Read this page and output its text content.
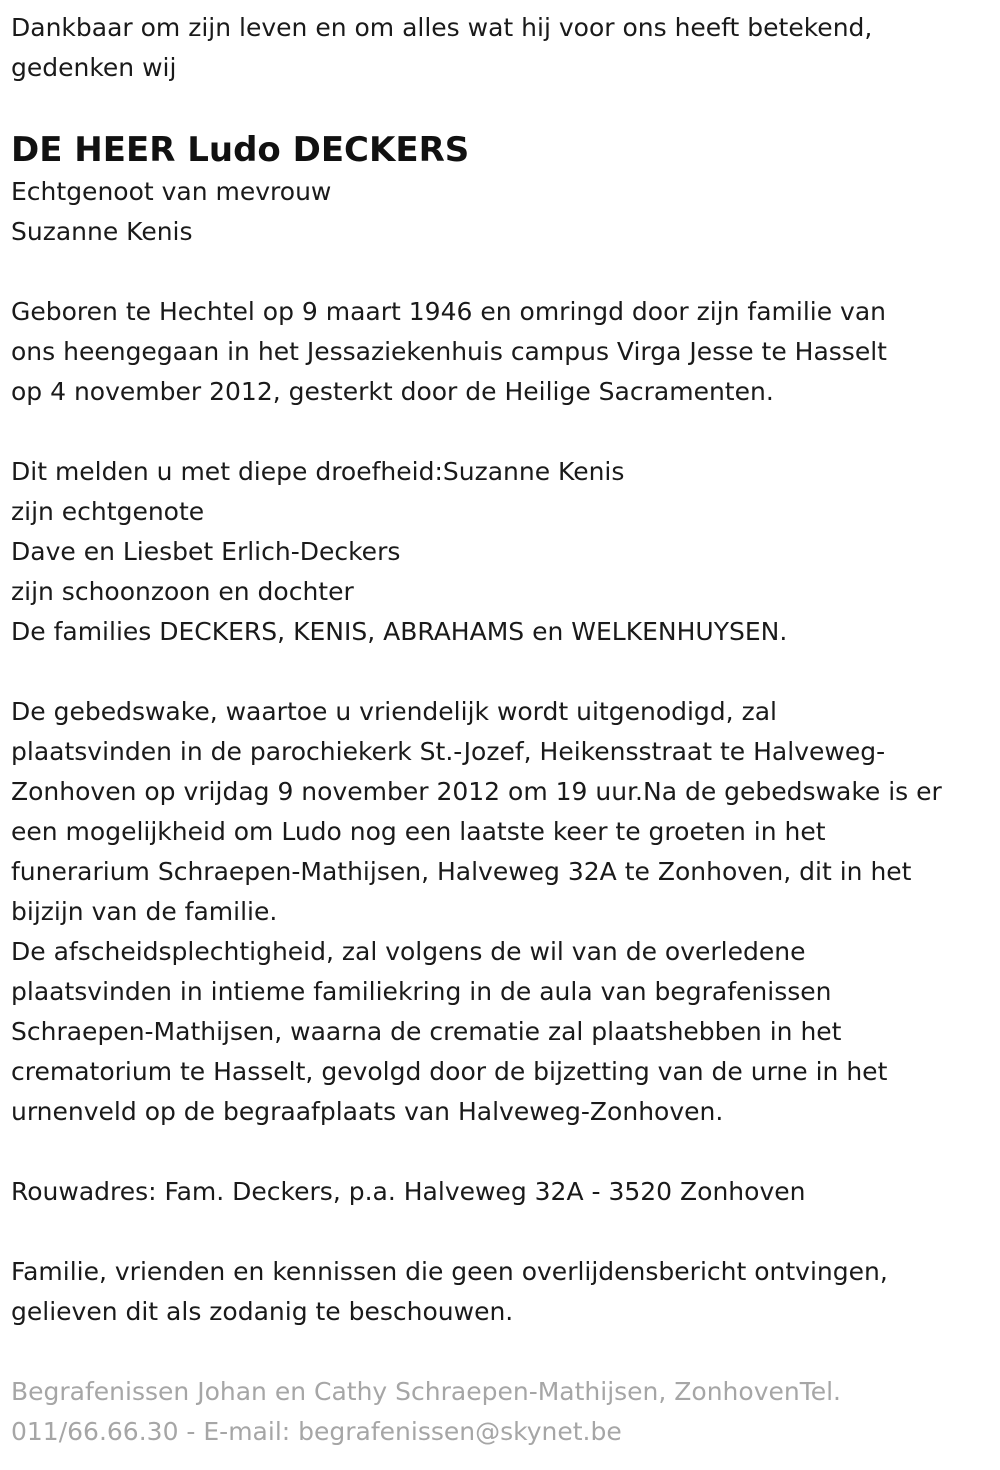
Dankbaar om zijn leven en om alles wat hij voor ons heeft betekend,
gedenken wij

DE HEER Ludo DECKERS

Echtgenoot van mevrouw
Suzanne Kenis

Geboren te Hechtel op 9 maart 1946 en omringd door zijn familie van
ons heengegaan in het Jessaziekenhuis campus Virga Jesse te Hasselt
op 4 november 2012, gesterkt door de Heilige Sacramenten.

Dit melden u met diepe droefheid:Suzanne Kenis
zijn echtgenote
Dave en Liesbet Erlich-Deckers
zijn schoonzoon en dochter
De families DECKERS, KENIS, ABRAHAMS en WELKENHUYSEN.

De gebedswake, waartoe u vriendelijk wordt uitgenodigd, zal
plaatsvinden in de parochiekerk St.-Jozef, Heikensstraat te Halveweg-
Zonhoven op vrijdag 9 november 2012 om 19 uur.Na de gebedswake is er
een mogelijkheid om Ludo nog een laatste keer te groeten in het
funerarium Schraepen-Mathijsen, Halveweg 32A te Zonhoven, dit in het
bijzijn van de familie.
De afscheidsplechtigheid, zal volgens de wil van de overledene
plaatsvinden in intieme familiekring in de aula van begrafenissen
Schraepen-Mathijsen, waarna de crematie zal plaatshebben in het
crematorium te Hasselt, gevolgd door de bijzetting van de urne in het
urnenveld op de begraafplaats van Halveweg-Zonhoven.

Rouwadres: Fam. Deckers, p.a. Halveweg 32A - 3520 Zonhoven

Familie, vrienden en kennissen die geen overlijdensbericht ontvingen,
gelieven dit als zodanig te beschouwen.

Begrafenissen Johan en Cathy Schraepen-Mathijsen, ZonhovenTel.
011/66.66.30 - E-mail: begrafenissen@skynet.be
